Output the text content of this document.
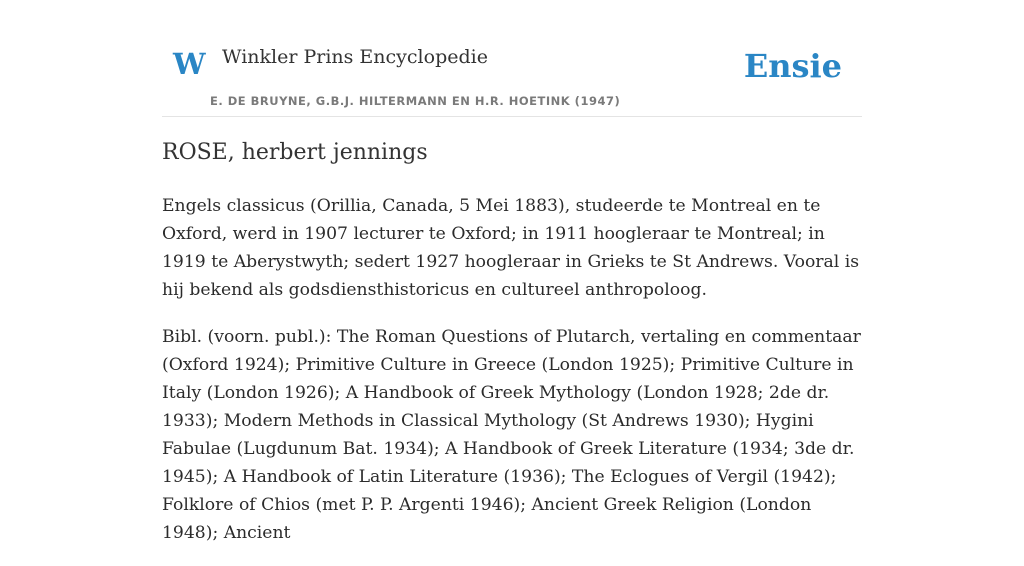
W Winkler Prins Encyclopedie
E. DE BRUYNE, G.B.J. HILTERMANN EN H.R. HOETINK (1947)
Ensie
ROSE, herbert jennings

Engels classicus (Orillia, Canada, 5 Mei 1883), studeerde te Montreal en te Oxford, werd in 1907 lecturer te Oxford; in 1911 hoogleraar te Montreal; in 1919 te Aberystwyth; sedert 1927 hoogleraar in Grieks te St Andrews. Vooral is hij bekend als godsdiensthistoricus en cultureel anthropoloog.

Bibl. (voorn. publ.): The Roman Questions of Plutarch, vertaling en commentaar (Oxford 1924); Primitive Culture in Greece (London 1925); Primitive Culture in Italy (London 1926); A Handbook of Greek Mythology (London 1928; 2de dr. 1933); Modern Methods in Classical Mythology (St Andrews 1930); Hygini Fabulae (Lugdunum Bat. 1934); A Handbook of Greek Literature (1934; 3de dr. 1945); A Handbook of Latin Literature (1936); The Eclogues of Vergil (1942); Folklore of Chios (met P. P. Argenti 1946); Ancient Greek Religion (London 1948); Ancient
